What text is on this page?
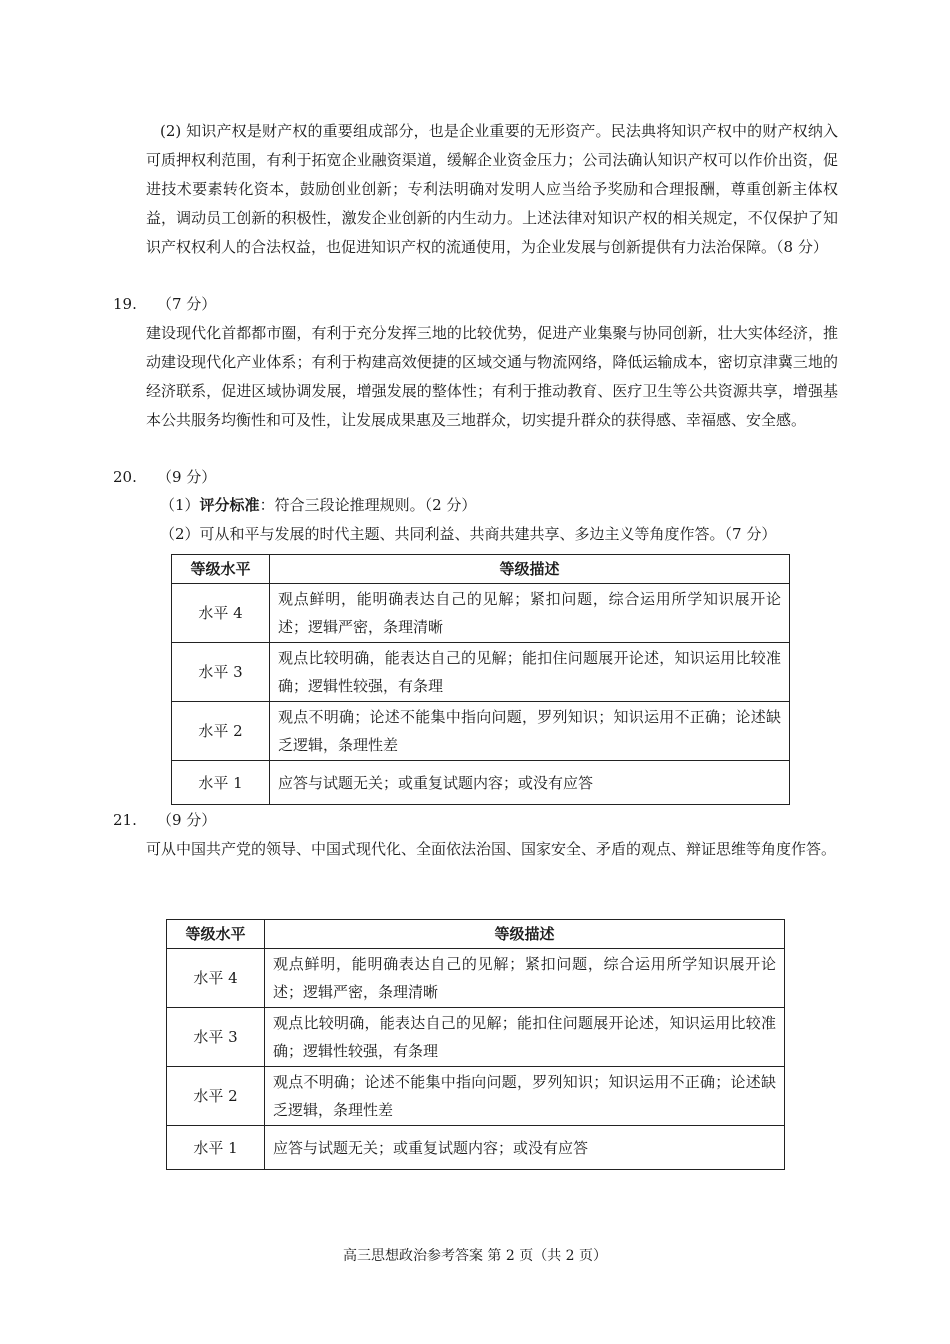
(2) 知识产权是财产权的重要组成部分，也是企业重要的无形资产。民法典将知识产权中的财产权纳入可质押权利范围，有利于拓宽企业融资渠道，缓解企业资金压力；公司法确认知识产权可以作价出资，促进技术要素转化资本，鼓励创业创新；专利法明确对发明人应当给予奖励和合理报酬，尊重创新主体权益，调动员工创新的积极性，激发企业创新的内生动力。上述法律对知识产权的相关规定，不仅保护了知识产权权利人的合法权益，也促进知识产权的流通使用，为企业发展与创新提供有力法治保障。（8 分）

19. （7 分）

建设现代化首都都市圈，有利于充分发挥三地的比较优势，促进产业集聚与协同创新，壮大实体经济，推动建设现代化产业体系；有利于构建高效便捷的区域交通与物流网络，降低运输成本，密切京津冀三地的经济联系，促进区域协调发展，增强发展的整体性；有利于推动教育、医疗卫生等公共资源共享，增强基本公共服务均衡性和可及性，让发展成果惠及三地群众，切实提升群众的获得感、幸福感、安全感。

20. （9 分）

（1）评分标准：符合三段论推理规则。（2 分）

（2）可从和平与发展的时代主题、共同利益、共商共建共享、多边主义等角度作答。（7 分）

等级水平	等级描述
水平 4	观点鲜明，能明确表达自己的见解；紧扣问题，综合运用所学知识展开论述；逻辑严密，条理清晰
水平 3	观点比较明确，能表达自己的见解；能扣住问题展开论述，知识运用比较准确；逻辑性较强，有条理
水平 2	观点不明确；论述不能集中指向问题，罗列知识；知识运用不正确；论述缺乏逻辑，条理性差
水平 1	应答与试题无关；或重复试题内容；或没有应答

21. （9 分）

可从中国共产党的领导、中国式现代化、全面依法治国、国家安全、矛盾的观点、辩证思维等角度作答。

等级水平	等级描述
水平 4	观点鲜明，能明确表达自己的见解；紧扣问题，综合运用所学知识展开论述；逻辑严密，条理清晰
水平 3	观点比较明确，能表达自己的见解；能扣住问题展开论述，知识运用比较准确；逻辑性较强，有条理
水平 2	观点不明确；论述不能集中指向问题，罗列知识；知识运用不正确；论述缺乏逻辑，条理性差
水平 1	应答与试题无关；或重复试题内容；或没有应答
高三思想政治参考答案 第 2 页（共 2 页）
